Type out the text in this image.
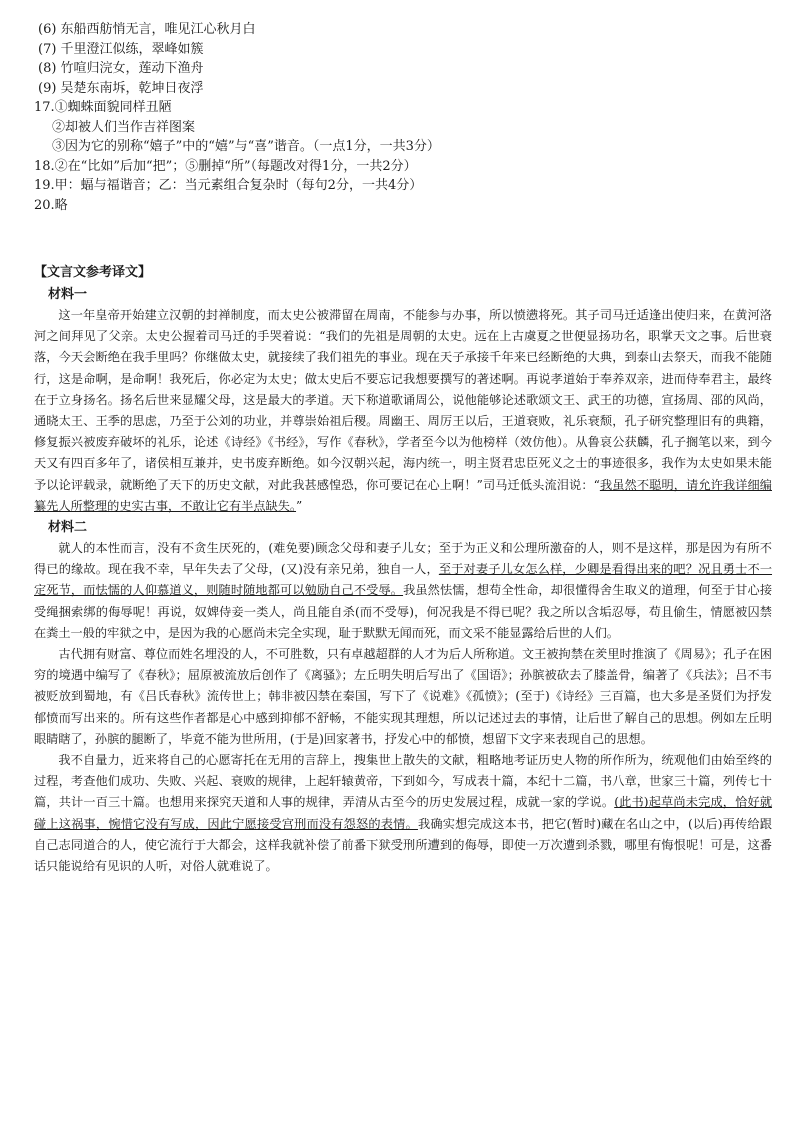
(6) 东船西舫悄无言，唯见江心秋月白
(7) 千里澄江似练，翠峰如簇
(8) 竹喧归浣女，莲动下渔舟
(9) 吴楚东南坼，乾坤日夜浮
17.①蜘蛛面貌同样丑陋
②却被人们当作吉祥图案
③因为它的别称“嬉子”中的“嬉”与“喜”谐音。（一点1分，一共3分）
18.②在“比如”后加“把”；⑤删掉“所”（每题改对得1分，一共2分）
19.甲：蝠与福谐音；乙：当元素组合复杂时（每句2分，一共4分）
20.略
【文言文参考译文】
材料一

这一年皇帝开始建立汉朝的封禅制度，而太史公被滞留在周南，不能参与办事，所以愤懑将死。其子司马迁适逢出使归来，在黄河洛河之间拜见了父亲。太史公握着司马迁的手哭着说：“我们的先祖是周朝的太史。远在上古虞夏之世便显扬功名，职掌天文之事。后世衰落，今天会断绝在我手里吗？你继做太史，就接续了我们祖先的事业。现在天子承接千年来已经断绝的大典，到泰山去祭天，而我不能随行，这是命啊，是命啊！我死后，你必定为太史；做太史后不要忘记我想要撰写的著述啊。再说孝道始于奉养双亲，进而侍奉君主，最终在于立身扬名。扬名后世来显耀父母，这是最大的孝道。天下称道歌诵周公，说他能够论述歌颂文王、武王的功德，宣扬周、邵的风尚，通晓太王、王季的思虑，乃至于公刘的功业，并尊崇始祖后稷。周幽王、周厉王以后，王道衰败，礼乐衰颓，孔子研究整理旧有的典籍，修复振兴被废弃破坏的礼乐，论述《诗经》《书经》，写作《春秋》，学者至今以为他榜样（效仿他）。从鲁哀公获麟，孔子搁笔以来，到今天又有四百多年了，诸侯相互兼并，史书废弃断绝。如今汉朝兴起，海内统一，明主贤君忠臣死义之士的事迹很多，我作为太史如果未能予以论评载录，就断绝了天下的历史文献，对此我甚感惶恐，你可要记在心上啊！”司马迁低头流泪说：“我虽然不聪明，请允许我详细编纂先人所整理的史实古事，不敢让它有半点缺失。”

材料二

就人的本性而言，没有不贪生厌死的，(难免要)顾念父母和妻子儿女；至于为正义和公理所激奋的人，则不是这样，那是因为有所不得已的缘故。现在我不幸，早年失去了父母，(又)没有亲兄弟，独自一人，至于对妻子儿女怎么样，少卿是看得出来的吧？况且勇士不一定死节，而怯懦的人仰慕道义，则随时随地都可以勉励自己不受辱。我虽然怯懦，想苟全性命，却很懂得舍生取义的道理，何至于甘心接受绳捆索绑的侮辱呢！再说，奴婢侍妾一类人，尚且能自杀(而不受辱)，何况我是不得已呢？我之所以含垢忍辱，苟且偷生，情愿被囚禁在粪土一般的牢狱之中，是因为我的心愿尚未完全实现，耻于默默无闻而死，而文采不能显露给后世的人们。

古代拥有财富、尊位而姓名埋没的人，不可胜数，只有卓越超群的人才为后人所称道。文王被拘禁在羑里时推演了《周易》；孔子在困穷的境遇中编写了《春秋》；屈原被流放后创作了《离骚》；左丘明失明后写出了《国语》；孙膑被砍去了膝盖骨，编著了《兵法》；吕不韦被贬放到蜀地，有《吕氏春秋》流传世上；韩非被囚禁在秦国，写下了《说难》《孤愤》；(至于)《诗经》三百篇，也大多是圣贤们为抒发郁愤而写出来的。所有这些作者都是心中感到抑郁不舒畅，不能实现其理想，所以记述过去的事情，让后世了解自己的思想。例如左丘明眼睛瞎了，孙膑的腿断了，毕竟不能为世所用，(于是)回家著书，抒发心中的郁愤，想留下文字来表现自己的思想。

我不自量力，近来将自己的心愿寄托在无用的言辞上，搜集世上散失的文献，粗略地考证历史人物的所作所为，统观他们由始至终的过程，考查他们成功、失败、兴起、衰败的规律，上起轩辕黄帝，下到如今，写成表十篇，本纪十二篇，书八章，世家三十篇，列传七十篇，共计一百三十篇。也想用来探究天道和人事的规律，弄清从古至今的历史发展过程，成就一家的学说。(此书)起草尚未完成，恰好就碰上这祸事，惋惜它没有写成，因此宁愿接受宫刑而没有怨怒的表情。我确实想完成这本书，把它(暂时)藏在名山之中，(以后)再传给跟自己志同道合的人，使它流行于大都会，这样我就补偿了前番下狱受刑所遭到的侮辱，即使一万次遭到杀戮，哪里有悔恨呢！可是，这番话只能说给有见识的人听，对俗人就难说了。
